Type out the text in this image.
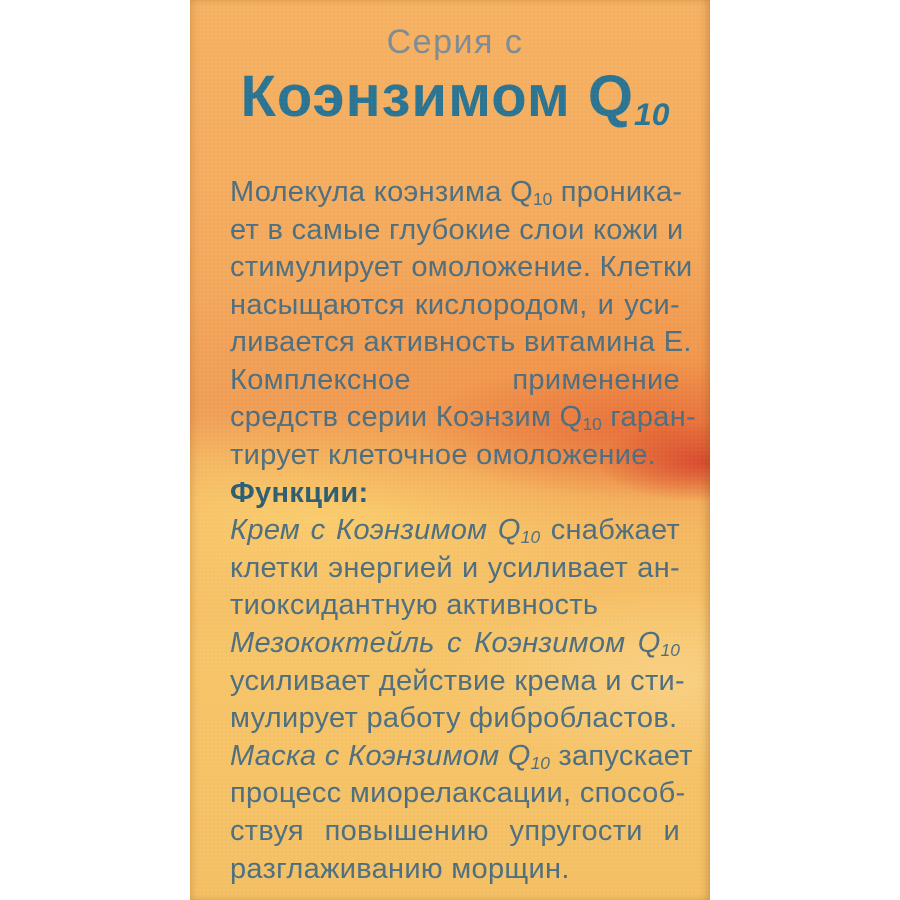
Серия с
Коэнзимом Q10
Молекула коэнзима Q10 проника-
ет в самые глубокие слои кожи и
стимулирует омоложение. Клетки
насыщаются кислородом, и уси-
ливается активность витамина Е.
Комплексное	применение
средств серии Коэнзим Q10 гаран-
тирует клеточное омоложение.
Функции:
Крем с Коэнзимом Q10 снабжает
клетки энергией и усиливает ан-
тиоксидантную активность
Мезококтейль с Коэнзимом Q10
усиливает действие крема и сти-
мулирует работу фибробластов.
Маска с Коэнзимом Q10 запускает
процесс миорелаксации, способ-
ствуя повышению упругости и
разглаживанию морщин.
